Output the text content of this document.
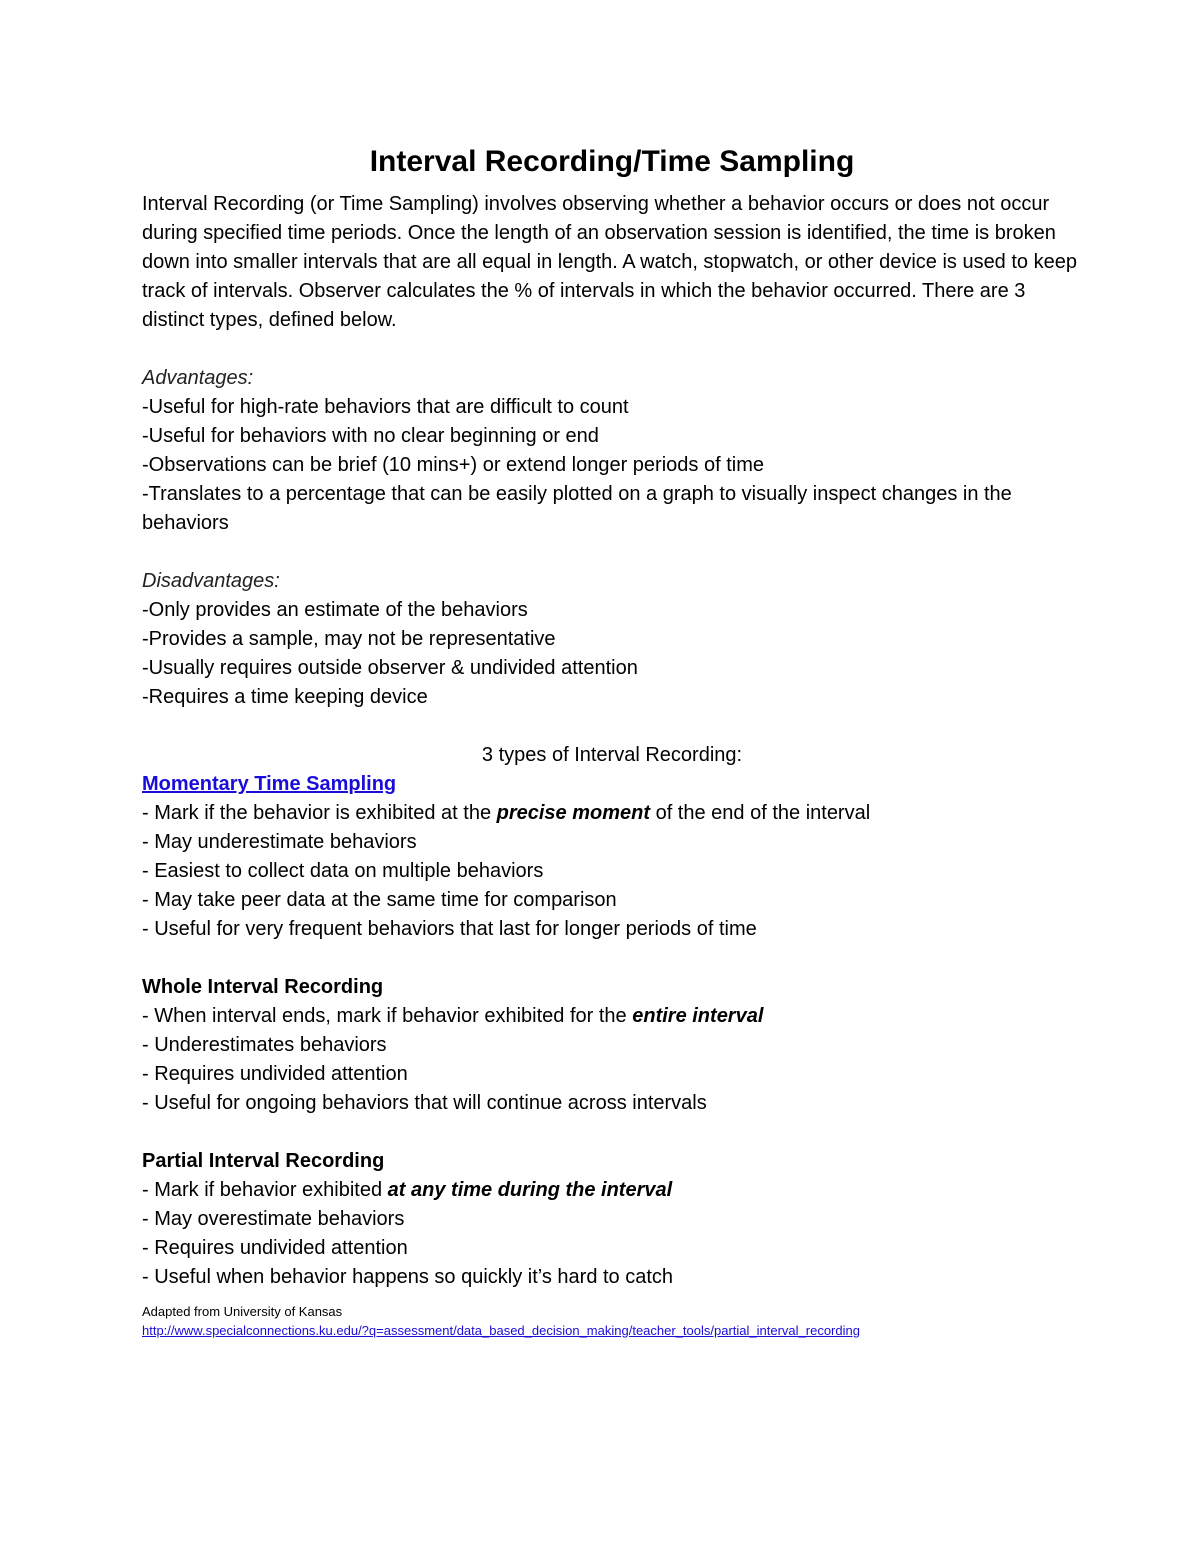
Interval Recording/Time Sampling

Interval Recording (or Time Sampling) involves observing whether a behavior occurs or does not occur during specified time periods. Once the length of an observation session is identified, the time is broken down into smaller intervals that are all equal in length. A watch, stopwatch, or other device is used to keep track of intervals. Observer calculates the % of intervals in which the behavior occurred. There are 3 distinct types, defined below.

Advantages:
-Useful for high-rate behaviors that are difficult to count
-Useful for behaviors with no clear beginning or end
-Observations can be brief (10 mins+) or extend longer periods of time
-Translates to a percentage that can be easily plotted on a graph to visually inspect changes in the behaviors
Disadvantages:
-Only provides an estimate of the behaviors
-Provides a sample, may not be representative
-Usually requires outside observer & undivided attention
-Requires a time keeping device
3 types of Interval Recording:
Momentary Time Sampling
- Mark if the behavior is exhibited at the precise moment of the end of the interval
- May underestimate behaviors
- Easiest to collect data on multiple behaviors
- May take peer data at the same time for comparison
- Useful for very frequent behaviors that last for longer periods of time
Whole Interval Recording
- When interval ends, mark if behavior exhibited for the entire interval
- Underestimates behaviors
- Requires undivided attention
- Useful for ongoing behaviors that will continue across intervals
Partial Interval Recording
- Mark if behavior exhibited at any time during the interval
- May overestimate behaviors
- Requires undivided attention
- Useful when behavior happens so quickly it’s hard to catch
Adapted from University of Kansas
http://www.specialconnections.ku.edu/?q=assessment/data_based_decision_making/teacher_tools/partial_interval_recording
